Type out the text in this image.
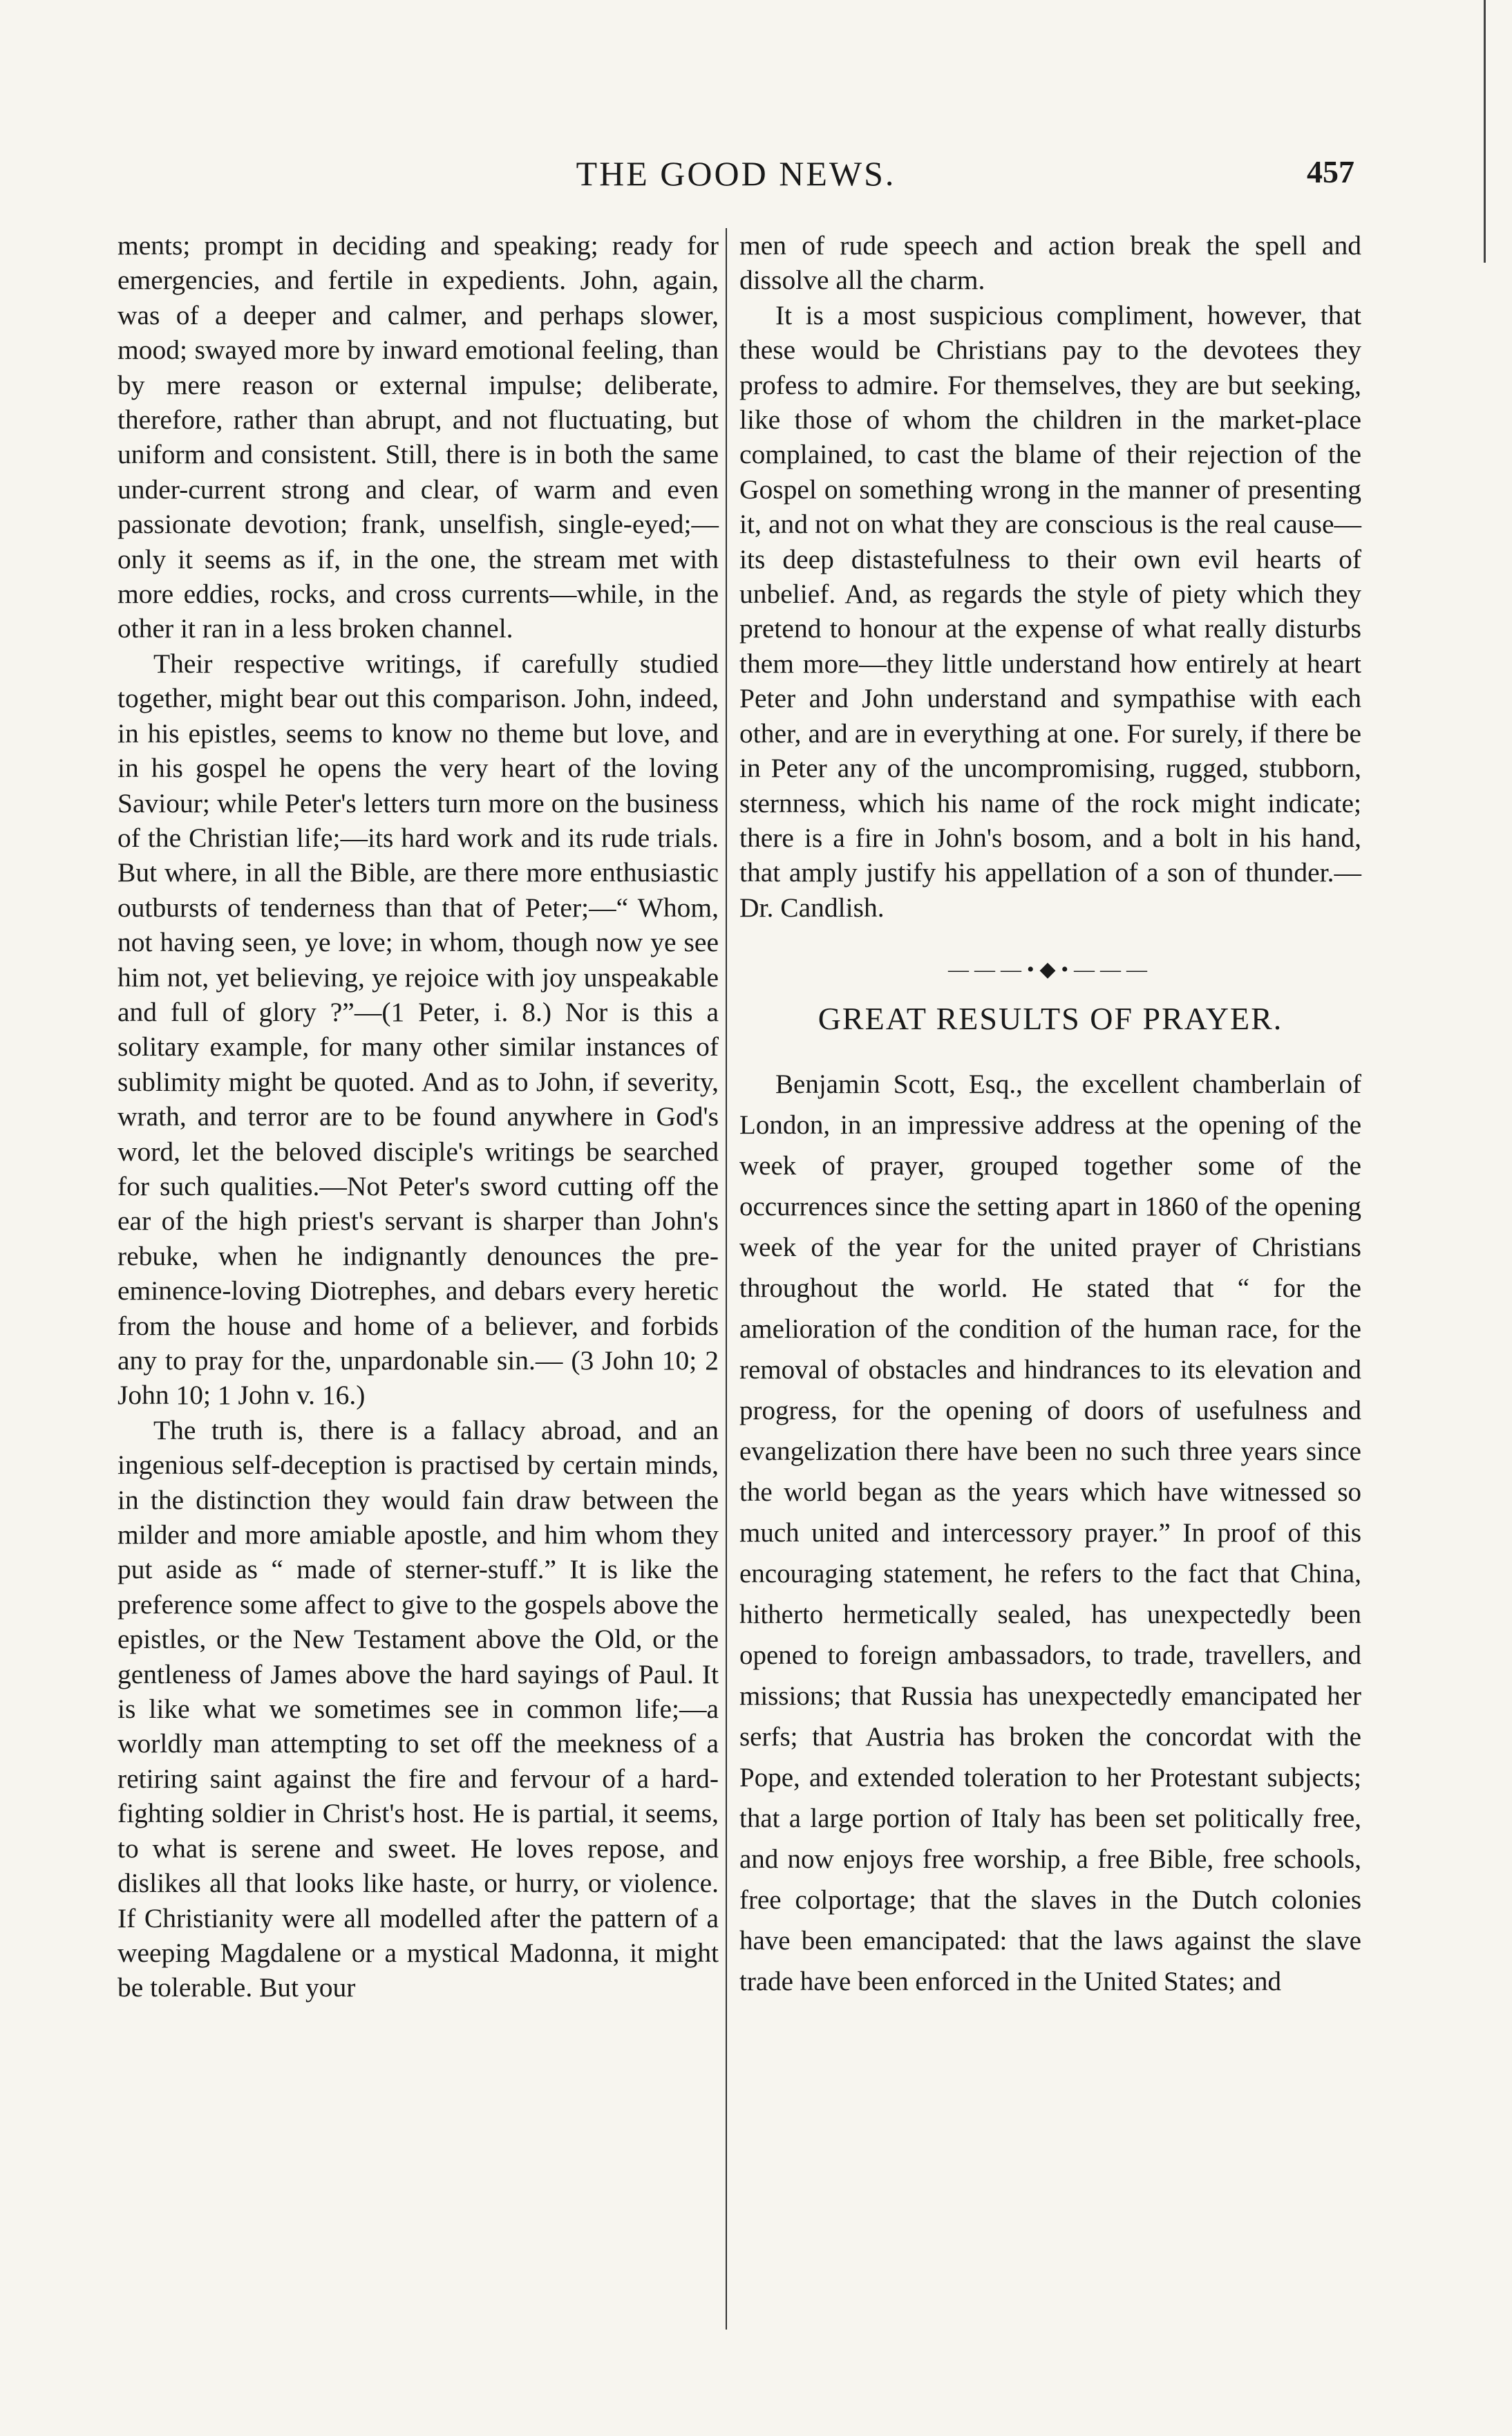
THE GOOD NEWS.	457

ments; prompt in deciding and speaking; ready for emergencies, and fertile in expedients. John, again, was of a deeper and calmer, and perhaps slower, mood; swayed more by inward emotional feeling, than by mere reason or external impulse; deliberate, therefore, rather than abrupt, and not fluctuating, but uniform and consistent. Still, there is in both the same under-current strong and clear, of warm and even passionate devotion; frank, unselfish, single-eyed;—only it seems as if, in the one, the stream met with more eddies, rocks, and cross currents—while, in the other it ran in a less broken channel.

Their respective writings, if carefully studied together, might bear out this comparison. John, indeed, in his epistles, seems to know no theme but love, and in his gospel he opens the very heart of the loving Saviour; while Peter's letters turn more on the business of the Christian life;—its hard work and its rude trials. But where, in all the Bible, are there more enthusiastic outbursts of tenderness than that of Peter;—“ Whom, not having seen, ye love; in whom, though now ye see him not, yet believing, ye rejoice with joy unspeakable and full of glory ?”—(1 Peter, i. 8.) Nor is this a solitary example, for many other similar instances of sublimity might be quoted. And as to John, if severity, wrath, and terror are to be found anywhere in God's word, let the beloved disciple's writings be searched for such qualities.—Not Peter's sword cutting off the ear of the high priest's servant is sharper than John's rebuke, when he indignantly denounces the pre-eminence-loving Diotrephes, and debars every heretic from the house and home of a believer, and forbids any to pray for the, unpardonable sin.— (3 John 10; 2 John 10; 1 John v. 16.)

The truth is, there is a fallacy abroad, and an ingenious self-deception is practised by certain minds, in the distinction they would fain draw between the milder and more amiable apostle, and him whom they put aside as “ made of sterner-stuff.” It is like the preference some affect to give to the gospels above the epistles, or the New Testament above the Old, or the gentleness of James above the hard sayings of Paul. It is like what we sometimes see in common life;—a worldly man attempting to set off the meekness of a retiring saint against the fire and fervour of a hard-fighting soldier in Christ's host. He is partial, it seems, to what is serene and sweet. He loves repose, and dislikes all that looks like haste, or hurry, or violence. If Christianity were all modelled after the pattern of a weeping Magdalene or a mystical Madonna, it might be tolerable. But your

men of rude speech and action break the spell and dissolve all the charm.

It is a most suspicious compliment, however, that these would be Christians pay to the devotees they profess to admire. For themselves, they are but seeking, like those of whom the children in the market-place complained, to cast the blame of their rejection of the Gospel on something wrong in the manner of presenting it, and not on what they are conscious is the real cause—its deep distastefulness to their own evil hearts of unbelief. And, as regards the style of piety which they pretend to honour at the expense of what really disturbs them more—they little understand how entirely at heart Peter and John understand and sympathise with each other, and are in everything at one. For surely, if there be in Peter any of the uncompromising, rugged, stubborn, sternness, which his name of the rock might indicate; there is a fire in John's bosom, and a bolt in his hand, that amply justify his appellation of a son of thunder.—Dr. Candlish.

———•◆•———
GREAT RESULTS OF PRAYER.

Benjamin Scott, Esq., the excellent chamberlain of London, in an impressive address at the opening of the week of prayer, grouped together some of the occurrences since the setting apart in 1860 of the opening week of the year for the united prayer of Christians throughout the world. He stated that “ for the amelioration of the condition of the human race, for the removal of obstacles and hindrances to its elevation and progress, for the opening of doors of usefulness and evangelization there have been no such three years since the world began as the years which have witnessed so much united and intercessory prayer.” In proof of this encouraging statement, he refers to the fact that China, hitherto hermetically sealed, has unexpectedly been opened to foreign ambassadors, to trade, travellers, and missions; that Russia has unexpectedly emancipated her serfs; that Austria has broken the concordat with the Pope, and extended toleration to her Protestant subjects; that a large portion of Italy has been set politically free, and now enjoys free worship, a free Bible, free schools, free colportage; that the slaves in the Dutch colonies have been emancipated: that the laws against the slave trade have been enforced in the United States; and
